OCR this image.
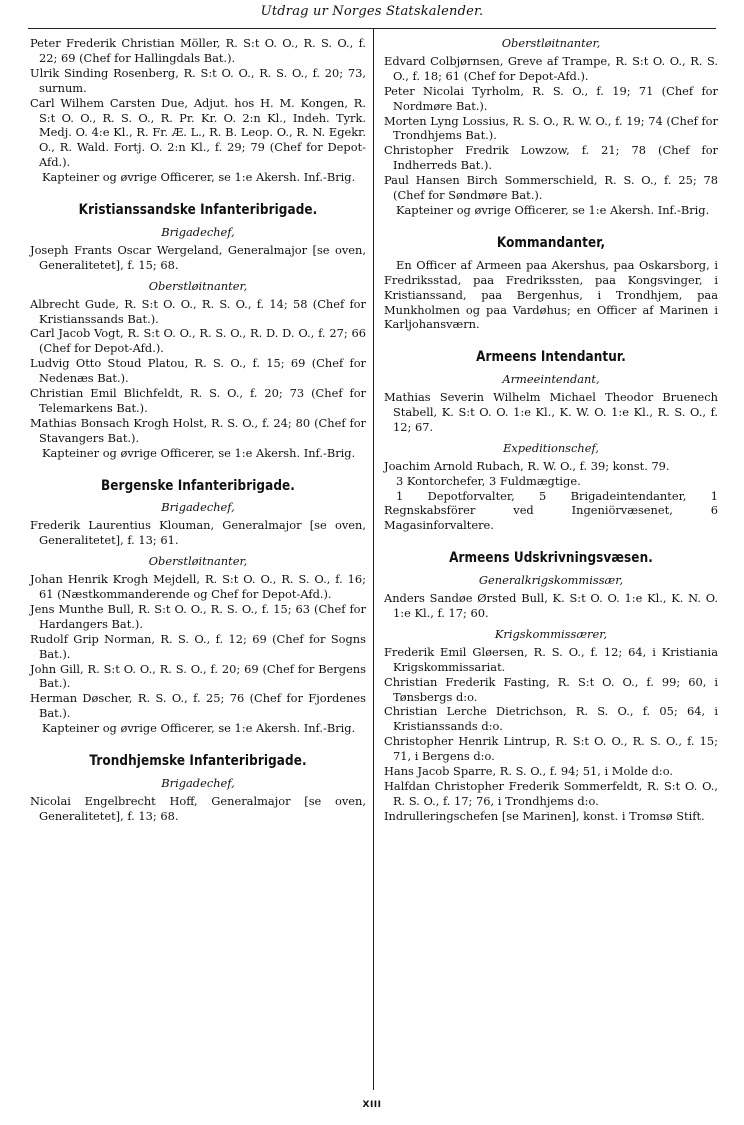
Utdrag ur Norges Statskalender.

Peter Frederik Christian Möller, R. S:t O. O., R. S. O., f. 22; 69 (Chef for Hallingdals Bat.).

Ulrik Sinding Rosenberg, R. S:t O. O., R. S. O., f. 20; 73, surnum.

Carl Wilhem Carsten Due, Adjut. hos H. M. Kongen, R. S:t O. O., R. S. O., R. Pr. Kr. O. 2:n Kl., Indeh. Tyrk. Medj. O. 4:e Kl., R. Fr. Æ. L., R. B. Leop. O., R. N. Egekr. O., R. Wald. Fortj. O. 2:n Kl., f. 29; 79 (Chef for Depot-Afd.).

Kapteiner og øvrige Officerer, se 1:e Akersh. Inf.-Brig.

Kristianssandske Infanteribrigade.
Brigadechef,

Joseph Frants Oscar Wergeland, Generalmajor [se oven, Generalitetet], f. 15; 68.

Oberstløitnanter,

Albrecht Gude, R. S:t O. O., R. S. O., f. 14; 58 (Chef for Kristianssands Bat.).

Carl Jacob Vogt, R. S:t O. O., R. S. O., R. D. D. O., f. 27; 66 (Chef for Depot-Afd.).

Ludvig Otto Stoud Platou, R. S. O., f. 15; 69 (Chef for Nedenæs Bat.).

Christian Emil Blichfeldt, R. S. O., f. 20; 73 (Chef for Telemarkens Bat.).

Mathias Bonsach Krogh Holst, R. S. O., f. 24; 80 (Chef for Stavangers Bat.).

Kapteiner og øvrige Officerer, se 1:e Akersh. Inf.-Brig.

Bergenske Infanteribrigade.
Brigadechef,

Frederik Laurentius Klouman, Generalmajor [se oven, Generalitetet], f. 13; 61.

Oberstløitnanter,

Johan Henrik Krogh Mejdell, R. S:t O. O., R. S. O., f. 16; 61 (Næstkommanderende og Chef for Depot-Afd.).

Jens Munthe Bull, R. S:t O. O., R. S. O., f. 15; 63 (Chef for Hardangers Bat.).

Rudolf Grip Norman, R. S. O., f. 12; 69 (Chef for Sogns Bat.).

John Gill, R. S:t O. O., R. S. O., f. 20; 69 (Chef for Bergens Bat.).

Herman Døscher, R. S. O., f. 25; 76 (Chef for Fjordenes Bat.).

Kapteiner og øvrige Officerer, se 1:e Akersh. Inf.-Brig.

Trondhjemske Infanteribrigade.
Brigadechef,

Nicolai Engelbrecht Hoff, Generalmajor [se oven, Generalitetet], f. 13; 68.

Oberstløitnanter,

Edvard Colbjørnsen, Greve af Trampe, R. S:t O. O., R. S. O., f. 18; 61 (Chef for Depot-Afd.).

Peter Nicolai Tyrholm, R. S. O., f. 19; 71 (Chef for Nordmøre Bat.).

Morten Lyng Lossius, R. S. O., R. W. O., f. 19; 74 (Chef for Trondhjems Bat.).

Christopher Fredrik Lowzow, f. 21; 78 (Chef for Indherreds Bat.).

Paul Hansen Birch Sommerschield, R. S. O., f. 25; 78 (Chef for Søndmøre Bat.).

Kapteiner og øvrige Officerer, se 1:e Akersh. Inf.-Brig.

Kommandanter,

En Officer af Armeen paa Akershus, paa Oskarsborg, i Fredriksstad, paa Fredrikssten, paa Kongsvinger, i Kristianssand, paa Bergenhus, i Trondhjem, paa Munkholmen og paa Vardøhus; en Officer af Marinen i Karljohansværn.

Armeens Intendantur.
Armeeintendant,

Mathias Severin Wilhelm Michael Theodor Bruenech Stabell, K. S:t O. O. 1:e Kl., K. W. O. 1:e Kl., R. S. O., f. 12; 67.

Expeditionschef,

Joachim Arnold Rubach, R. W. O., f. 39; konst. 79.

3 Kontorchefer, 3 Fuldmægtige.

1 Depotforvalter, 5 Brigadeintendanter, 1 Regnskabsförer ved Ingeniörvæsenet, 6 Magasinforvaltere.

Armeens Udskrivningsvæsen.
Generalkrigskommissær,

Anders Sandøe Ørsted Bull, K. S:t O. O. 1:e Kl., K. N. O. 1:e Kl., f. 17; 60.

Krigskommissærer,

Frederik Emil Gløersen, R. S. O., f. 12; 64, i Kristiania Krigskommissariat.

Christian Frederik Fasting, R. S:t O. O., f. 99; 60, i Tønsbergs d:o.

Christian Lerche Dietrichson, R. S. O., f. 05; 64, i Kristianssands d:o.

Christopher Henrik Lintrup, R. S:t O. O., R. S. O., f. 15; 71, i Bergens d:o.

Hans Jacob Sparre, R. S. O., f. 94; 51, i Molde d:o.

Halfdan Christopher Frederik Sommerfeldt, R. S:t O. O., R. S. O., f. 17; 76, i Trondhjems d:o.

Indrulleringschefen [se Marinen], konst. i Tromsø Stift.

XIII
